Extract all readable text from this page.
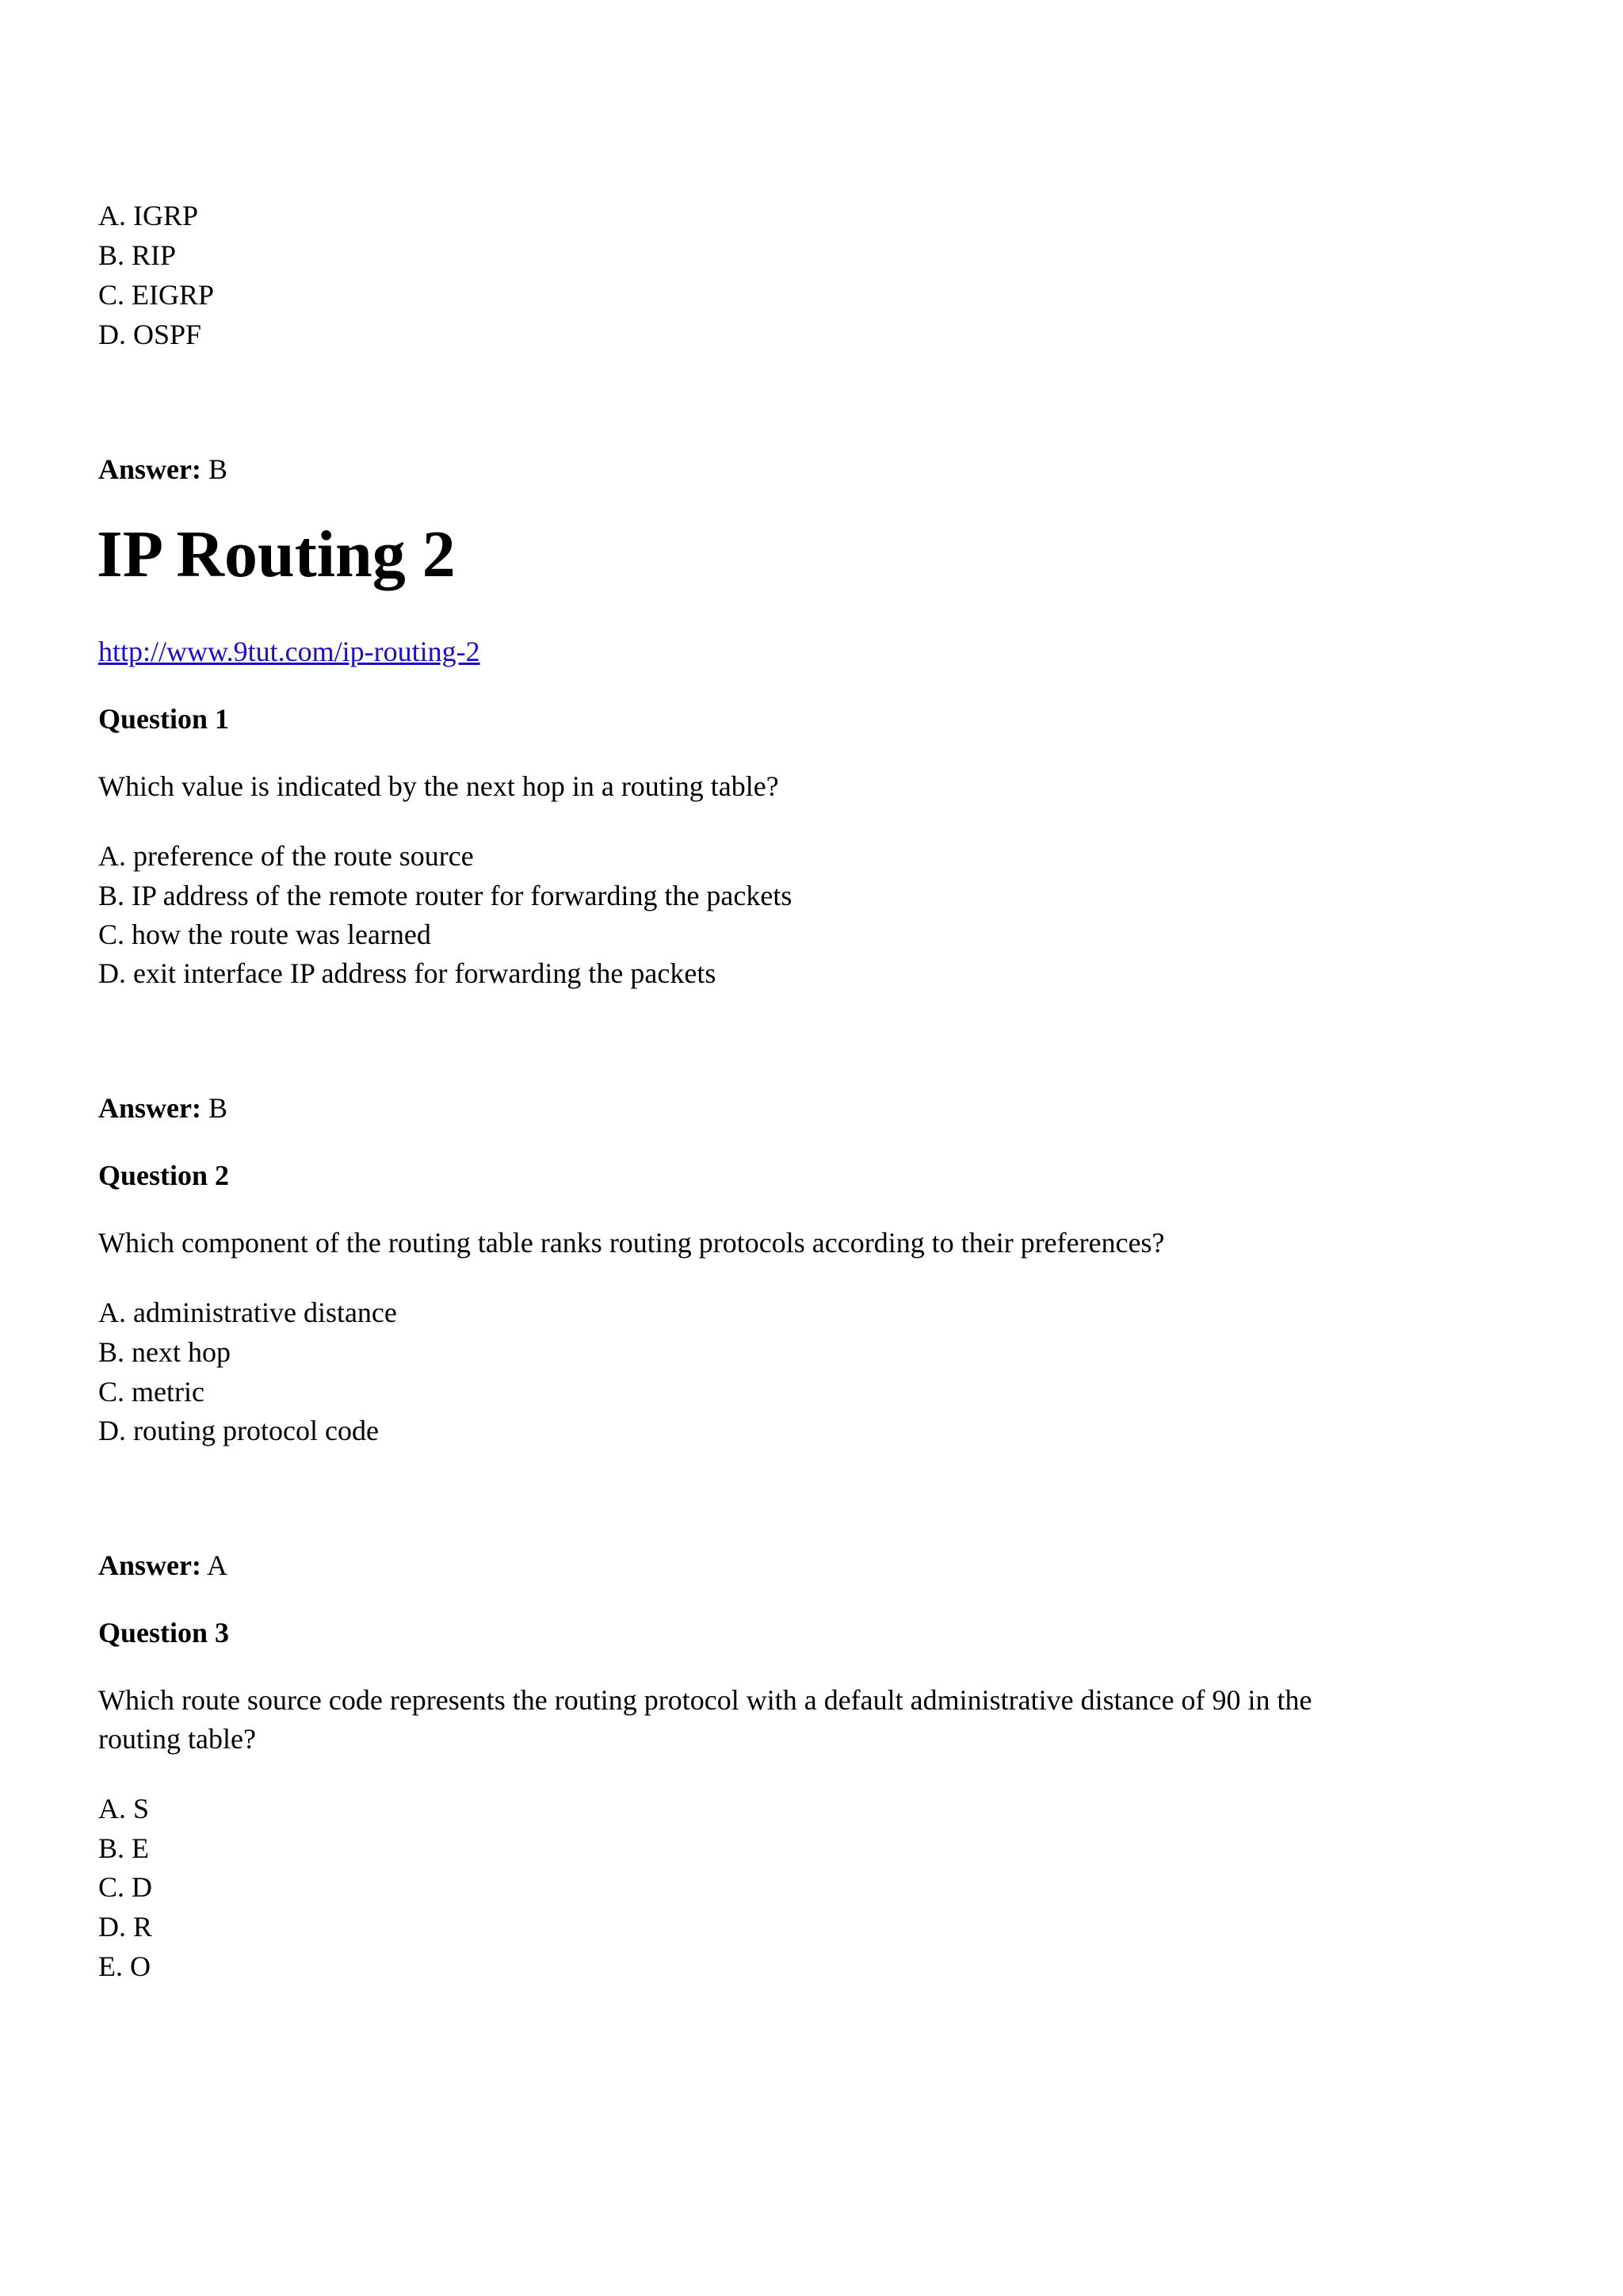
A. IGRP
B. RIP
C. EIGRP
D. OSPF
Answer: B
IP Routing 2
http://www.9tut.com/ip-routing-2
Question 1
Which value is indicated by the next hop in a routing table?
A. preference of the route source
B. IP address of the remote router for forwarding the packets
C. how the route was learned
D. exit interface IP address for forwarding the packets
Answer: B
Question 2
Which component of the routing table ranks routing protocols according to their preferences?
A. administrative distance
B. next hop
C. metric
D. routing protocol code
Answer: A
Question 3
Which route source code represents the routing protocol with a default administrative distance of 90 in the
routing table?
A. S
B. E
C. D
D. R
E. O
